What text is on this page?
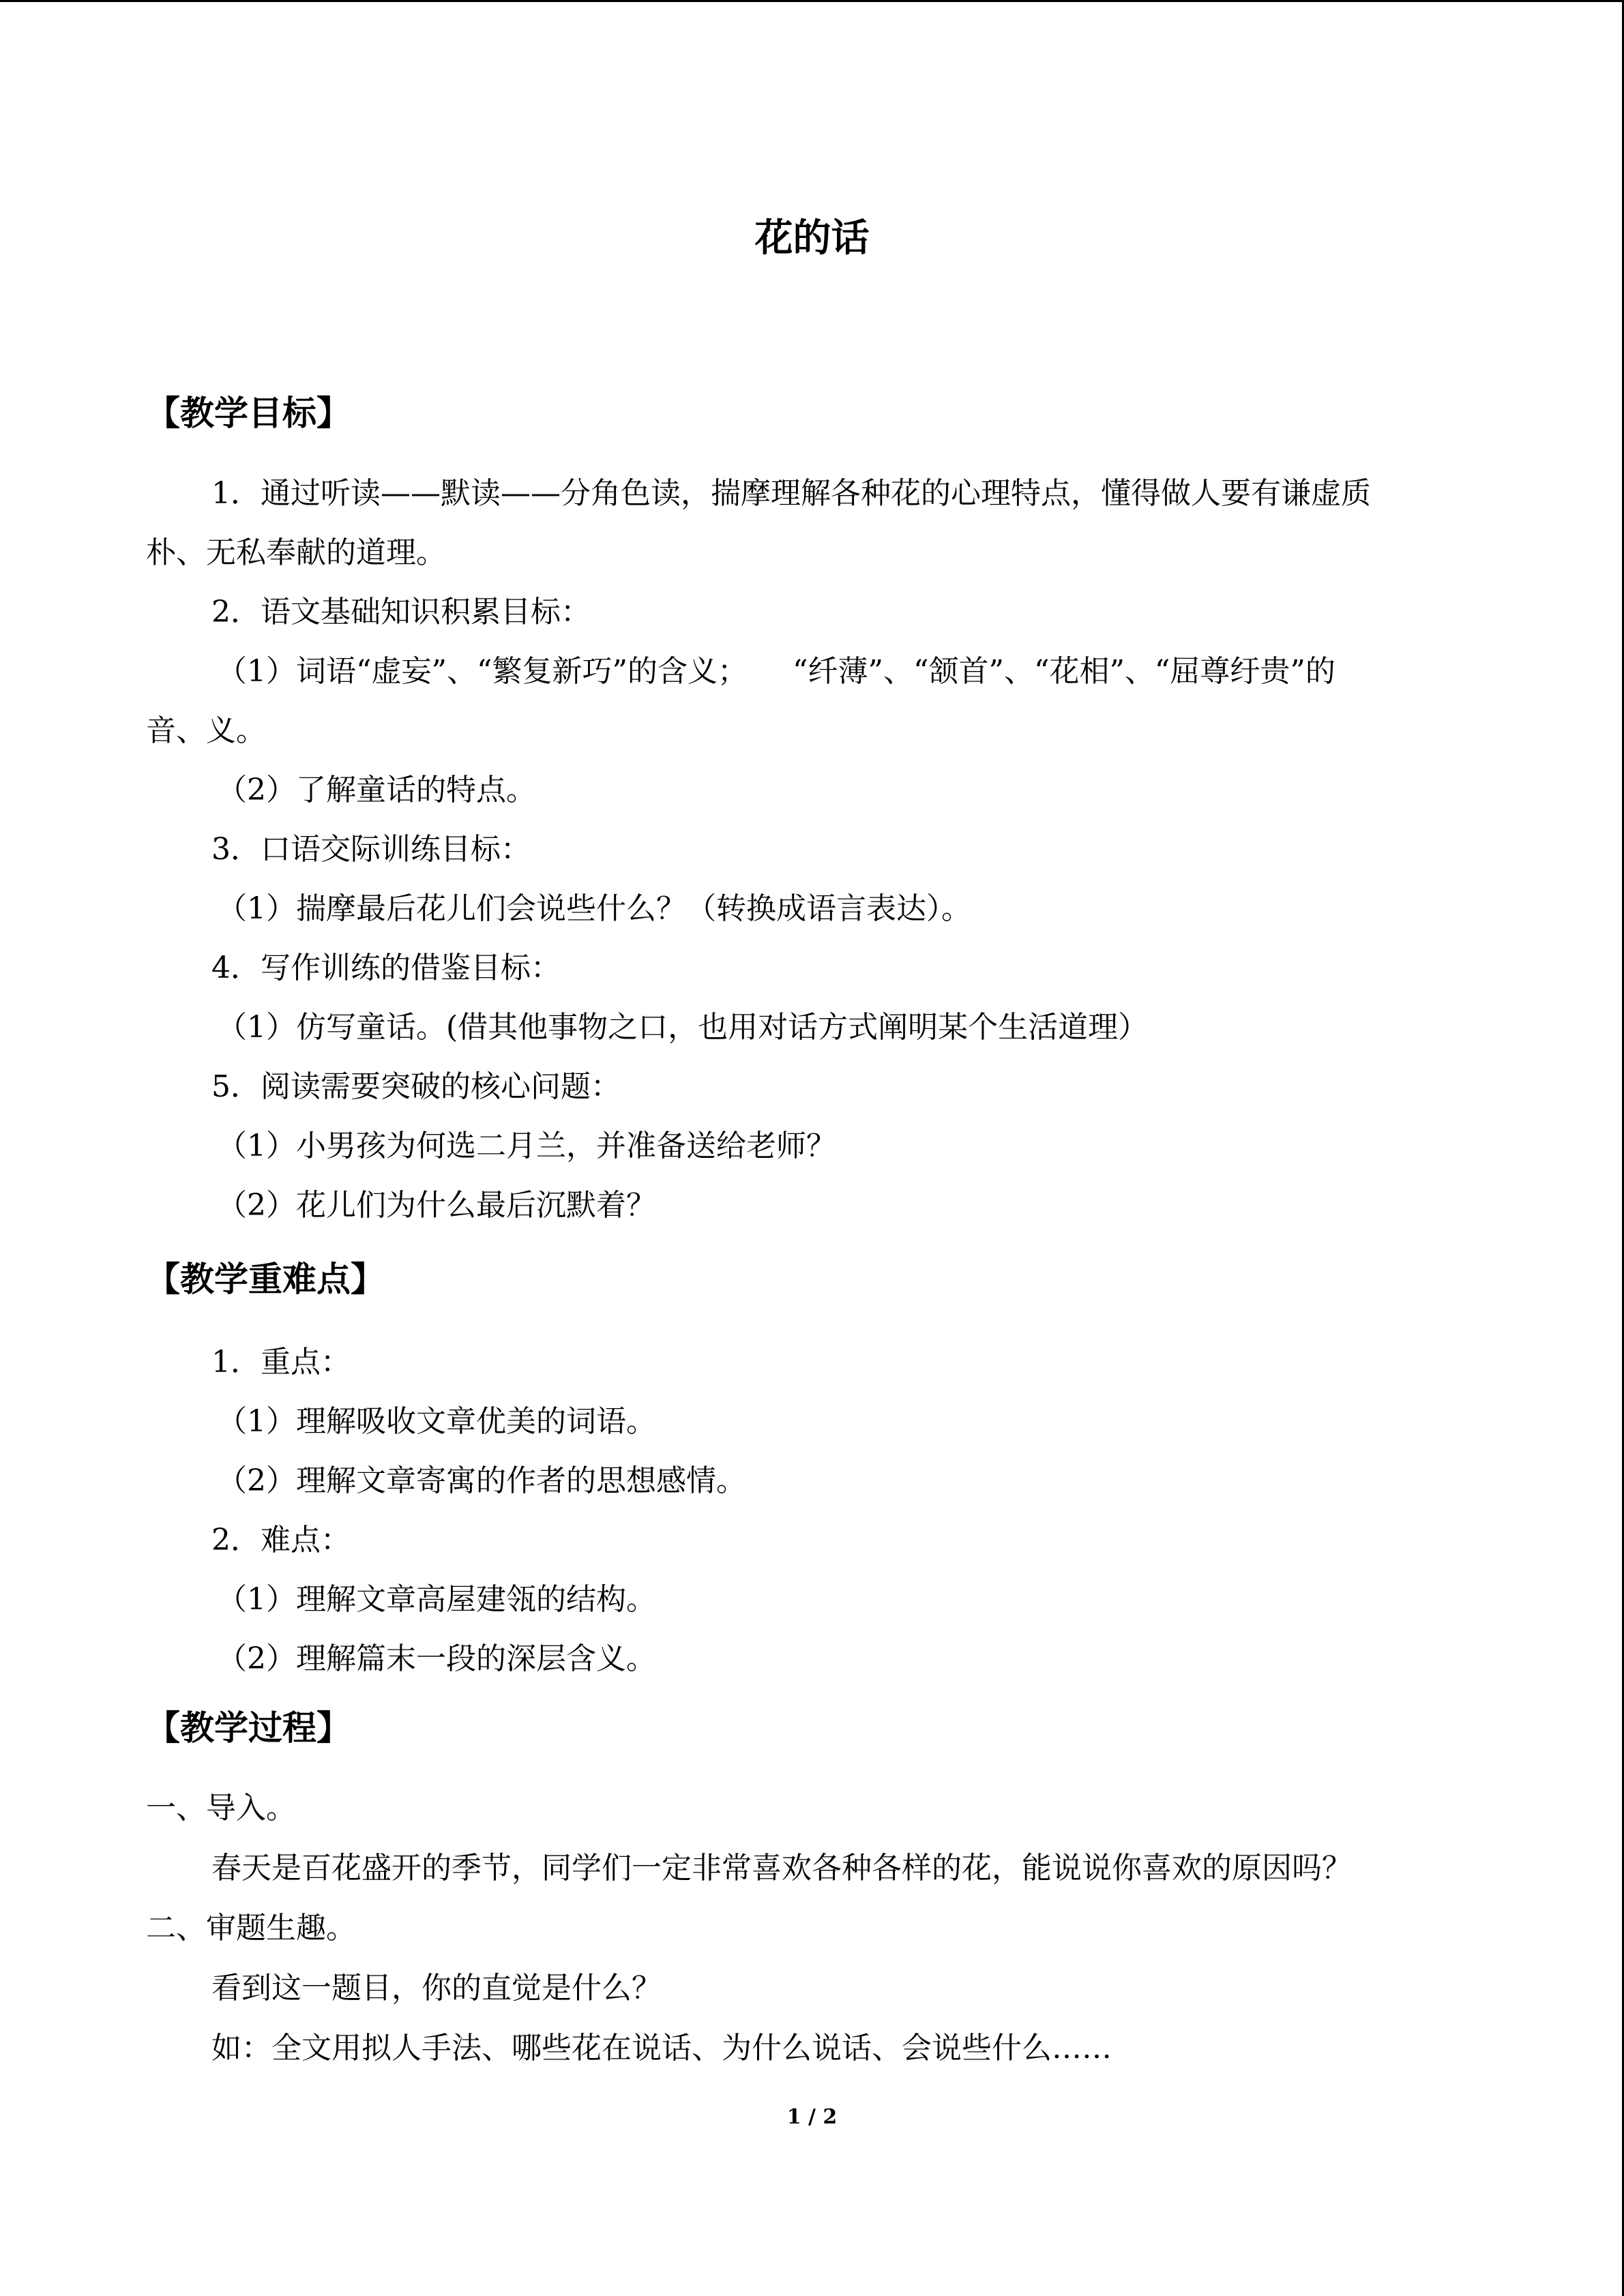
花的话
【教学目标】
1．通过听读——默读——分角色读，揣摩理解各种花的心理特点，懂得做人要有谦虚质
朴、无私奉献的道理。
2．语文基础知识积累目标：
（1）词语“虚妄”、“繁复新巧”的含义；　　“纤薄”、“颔首”、“花相”、“屈尊纡贵”的
音、义。
（2）了解童话的特点。
3．口语交际训练目标：
（1）揣摩最后花儿们会说些什么？（转换成语言表达）。
4．写作训练的借鉴目标：
（1）仿写童话。(借其他事物之口，也用对话方式阐明某个生活道理）
5．阅读需要突破的核心问题：
（1）小男孩为何选二月兰，并准备送给老师？
（2）花儿们为什么最后沉默着？
【教学重难点】
1．重点：
（1）理解吸收文章优美的词语。
（2）理解文章寄寓的作者的思想感情。
2．难点：
（1）理解文章高屋建瓴的结构。
（2）理解篇末一段的深层含义。
【教学过程】
一、导入。
春天是百花盛开的季节，同学们一定非常喜欢各种各样的花，能说说你喜欢的原因吗？
二、审题生趣。
看到这一题目，你的直觉是什么？
如：全文用拟人手法、哪些花在说话、为什么说话、会说些什么……
1 / 2
